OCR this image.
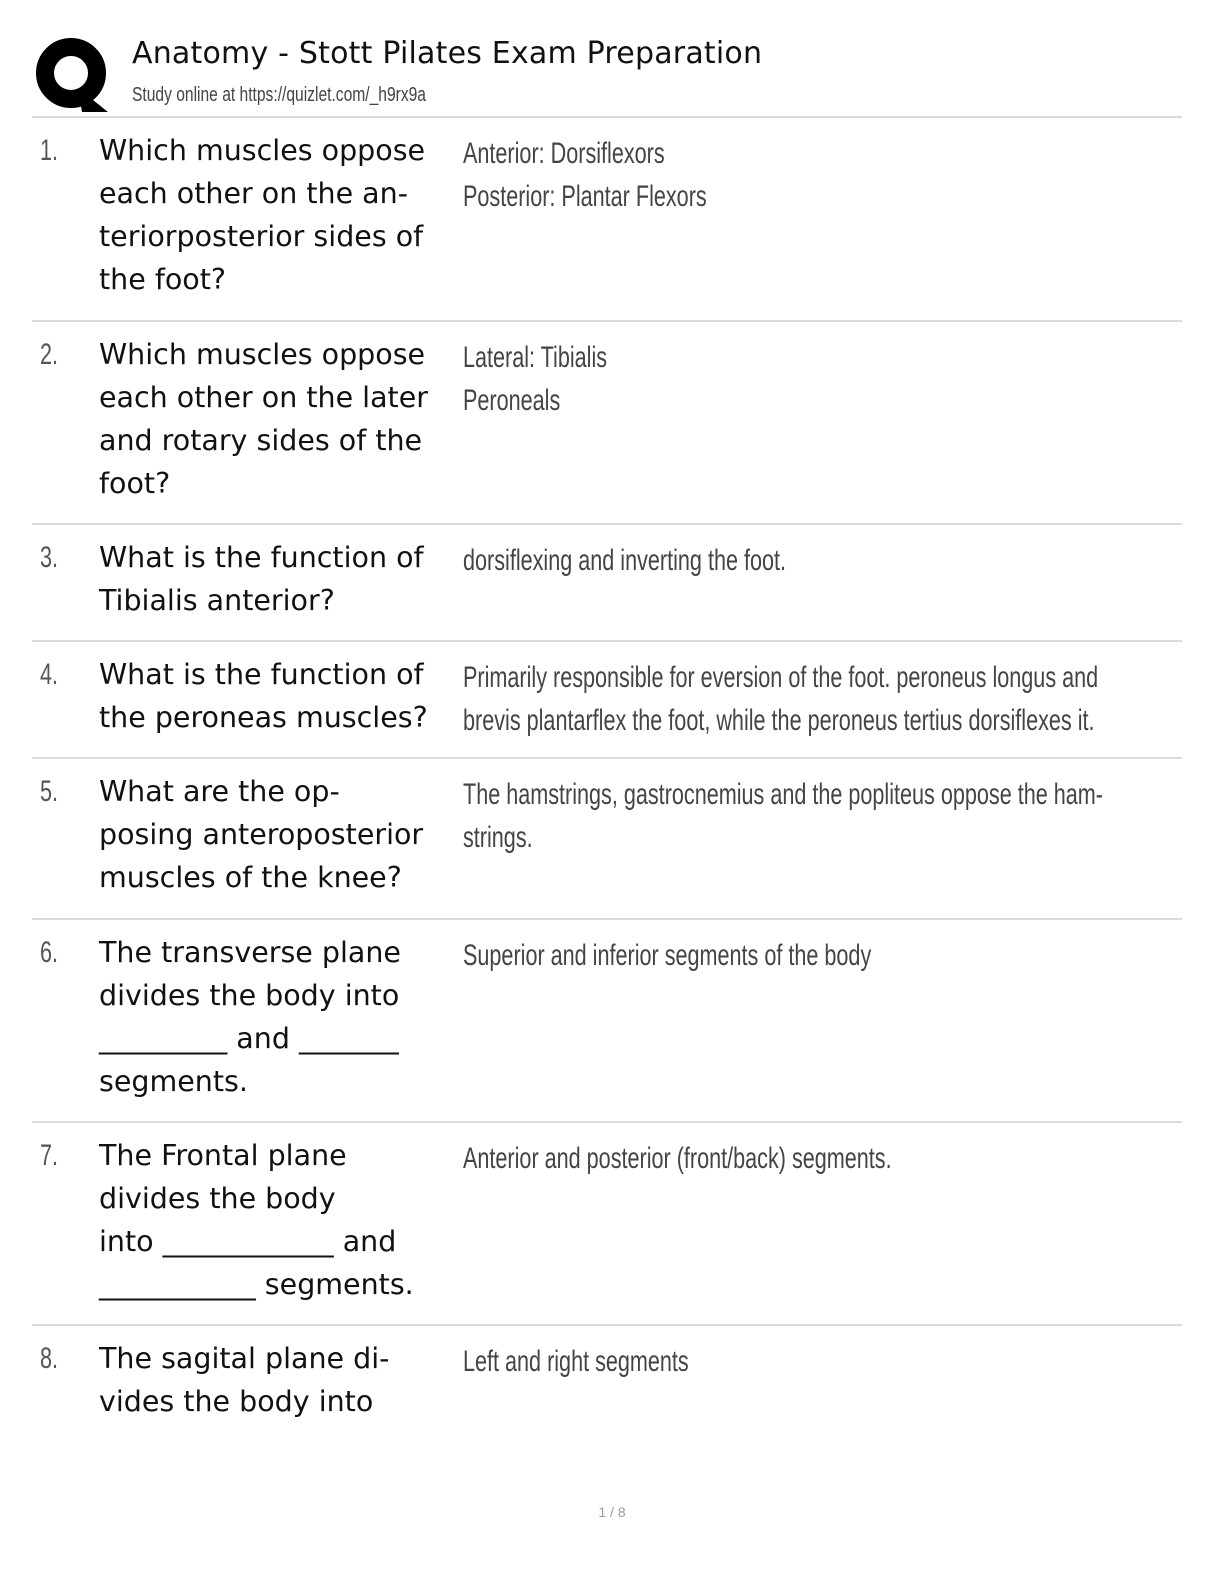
Anatomy - Stott Pilates Exam Preparation
Study online at https://quizlet.com/_h9rx9a
1. Which muscles oppose
each other on the an-
teriorposterior sides of
the foot?
Anterior: Dorsiflexors
Posterior: Plantar Flexors
2. Which muscles oppose
each other on the later
and rotary sides of the
foot?
Lateral: Tibialis
Peroneals
3. What is the function of
Tibialis anterior?
dorsiflexing and inverting the foot.
4. What is the function of
the peroneas muscles?
Primarily responsible for eversion of the foot. peroneus longus and
brevis plantarflex the foot, while the peroneus tertius dorsiflexes it.
5. What are the op-
posing anteroposterior
muscles of the knee?
The hamstrings, gastrocnemius and the popliteus oppose the ham-
strings.
6. The transverse plane
divides the body into
_________ and _______
segments.
Superior and inferior segments of the body
7. The Frontal plane
divides the body
into ____________ and
___________ segments.
Anterior and posterior (front/back) segments.
8. The sagital plane di-
vides the body into
Left and right segments
1 / 8
